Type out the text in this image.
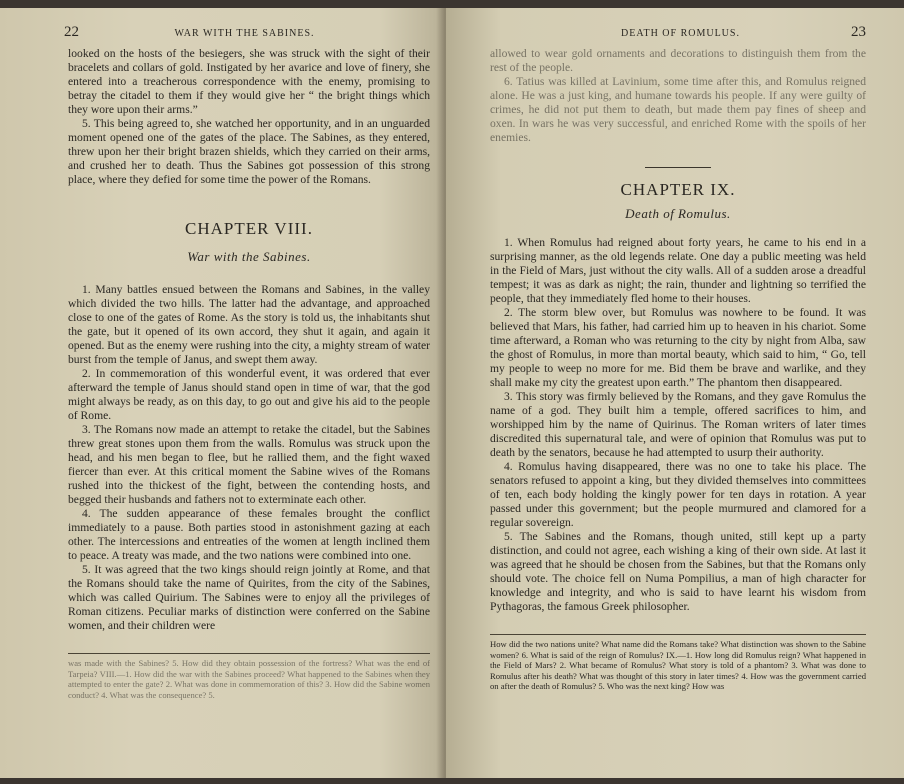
22	WAR WITH THE SABINES.

looked on the hosts of the besiegers, she was struck with the sight of their bracelets and collars of gold. Instigated by her avarice and love of finery, she entered into a treacherous correspondence with the enemy, promising to betray the citadel to them if they would give her “ the bright things which they wore upon their arms.”

5. This being agreed to, she watched her opportunity, and in an unguarded moment opened one of the gates of the place. The Sabines, as they entered, threw upon her their bright brazen shields, which they carried on their arms, and crushed her to death. Thus the Sabines got possession of this strong place, where they defied for some time the power of the Romans.

CHAPTER VIII.
War with the Sabines.

1. Many battles ensued between the Romans and Sabines, in the valley which divided the two hills. The latter had the advantage, and approached close to one of the gates of Rome. As the story is told us, the inhabitants shut the gate, but it opened of its own accord, they shut it again, and again it opened. But as the enemy were rushing into the city, a mighty stream of water burst from the temple of Janus, and swept them away.

2. In commemoration of this wonderful event, it was ordered that ever afterward the temple of Janus should stand open in time of war, that the god might always be ready, as on this day, to go out and give his aid to the people of Rome.

3. The Romans now made an attempt to retake the citadel, but the Sabines threw great stones upon them from the walls. Romulus was struck upon the head, and his men began to flee, but he rallied them, and the fight waxed fiercer than ever. At this critical moment the Sabine wives of the Romans rushed into the thickest of the fight, between the contending hosts, and begged their husbands and fathers not to exterminate each other.

4. The sudden appearance of these females brought the conflict immediately to a pause. Both parties stood in astonishment gazing at each other. The intercessions and entreaties of the women at length inclined them to peace. A treaty was made, and the two nations were combined into one.

5. It was agreed that the two kings should reign jointly at Rome, and that the Romans should take the name of Quirites, from the city of the Sabines, which was called Quirium. The Sabines were to enjoy all the privileges of Roman citizens. Peculiar marks of distinction were conferred on the Sabine women, and their children were

was made with the Sabines? 5. How did they obtain possession of the fortress? What was the end of Tarpeia? VIII.—1. How did the war with the Sabines proceed? What happened to the Sabines when they attempted to enter the gate? 2. What was done in commemoration of this? 3. How did the Sabine women conduct? 4. What was the consequence? 5.
DEATH OF ROMULUS.	23

allowed to wear gold ornaments and decorations to distinguish them from the rest of the people.

6. Tatius was killed at Lavinium, some time after this, and Romulus reigned alone. He was a just king, and humane towards his people. If any were guilty of crimes, he did not put them to death, but made them pay fines of sheep and oxen. In wars he was very successful, and enriched Rome with the spoils of her enemies.

CHAPTER IX.
Death of Romulus.

1. When Romulus had reigned about forty years, he came to his end in a surprising manner, as the old legends relate. One day a public meeting was held in the Field of Mars, just without the city walls. All of a sudden arose a dreadful tempest; it was as dark as night; the rain, thunder and lightning so terrified the people, that they immediately fled home to their houses.

2. The storm blew over, but Romulus was nowhere to be found. It was believed that Mars, his father, had carried him up to heaven in his chariot. Some time afterward, a Roman who was returning to the city by night from Alba, saw the ghost of Romulus, in more than mortal beauty, which said to him, “ Go, tell my people to weep no more for me. Bid them be brave and warlike, and they shall make my city the greatest upon earth.” The phantom then disappeared.

3. This story was firmly believed by the Romans, and they gave Romulus the name of a god. They built him a temple, offered sacrifices to him, and worshipped him by the name of Quirinus. The Roman writers of later times discredited this supernatural tale, and were of opinion that Romulus was put to death by the senators, because he had attempted to usurp their authority.

4. Romulus having disappeared, there was no one to take his place. The senators refused to appoint a king, but they divided themselves into committees of ten, each body holding the kingly power for ten days in rotation. A year passed under this government; but the people murmured and clamored for a regular sovereign.

5. The Sabines and the Romans, though united, still kept up a party distinction, and could not agree, each wishing a king of their own side. At last it was agreed that he should be chosen from the Sabines, but that the Romans only should vote. The choice fell on Numa Pompilius, a man of high character for knowledge and integrity, and who is said to have learnt his wisdom from Pythagoras, the famous Greek philosopher.

How did the two nations unite? What name did the Romans take? What distinction was shown to the Sabine women? 6. What is said of the reign of Romulus? IX.—1. How long did Romulus reign? What happened in the Field of Mars? 2. What became of Romulus? What story is told of a phantom? 3. What was done to Romulus after his death? What was thought of this story in later times? 4. How was the government carried on after the death of Romulus? 5. Who was the next king? How was
